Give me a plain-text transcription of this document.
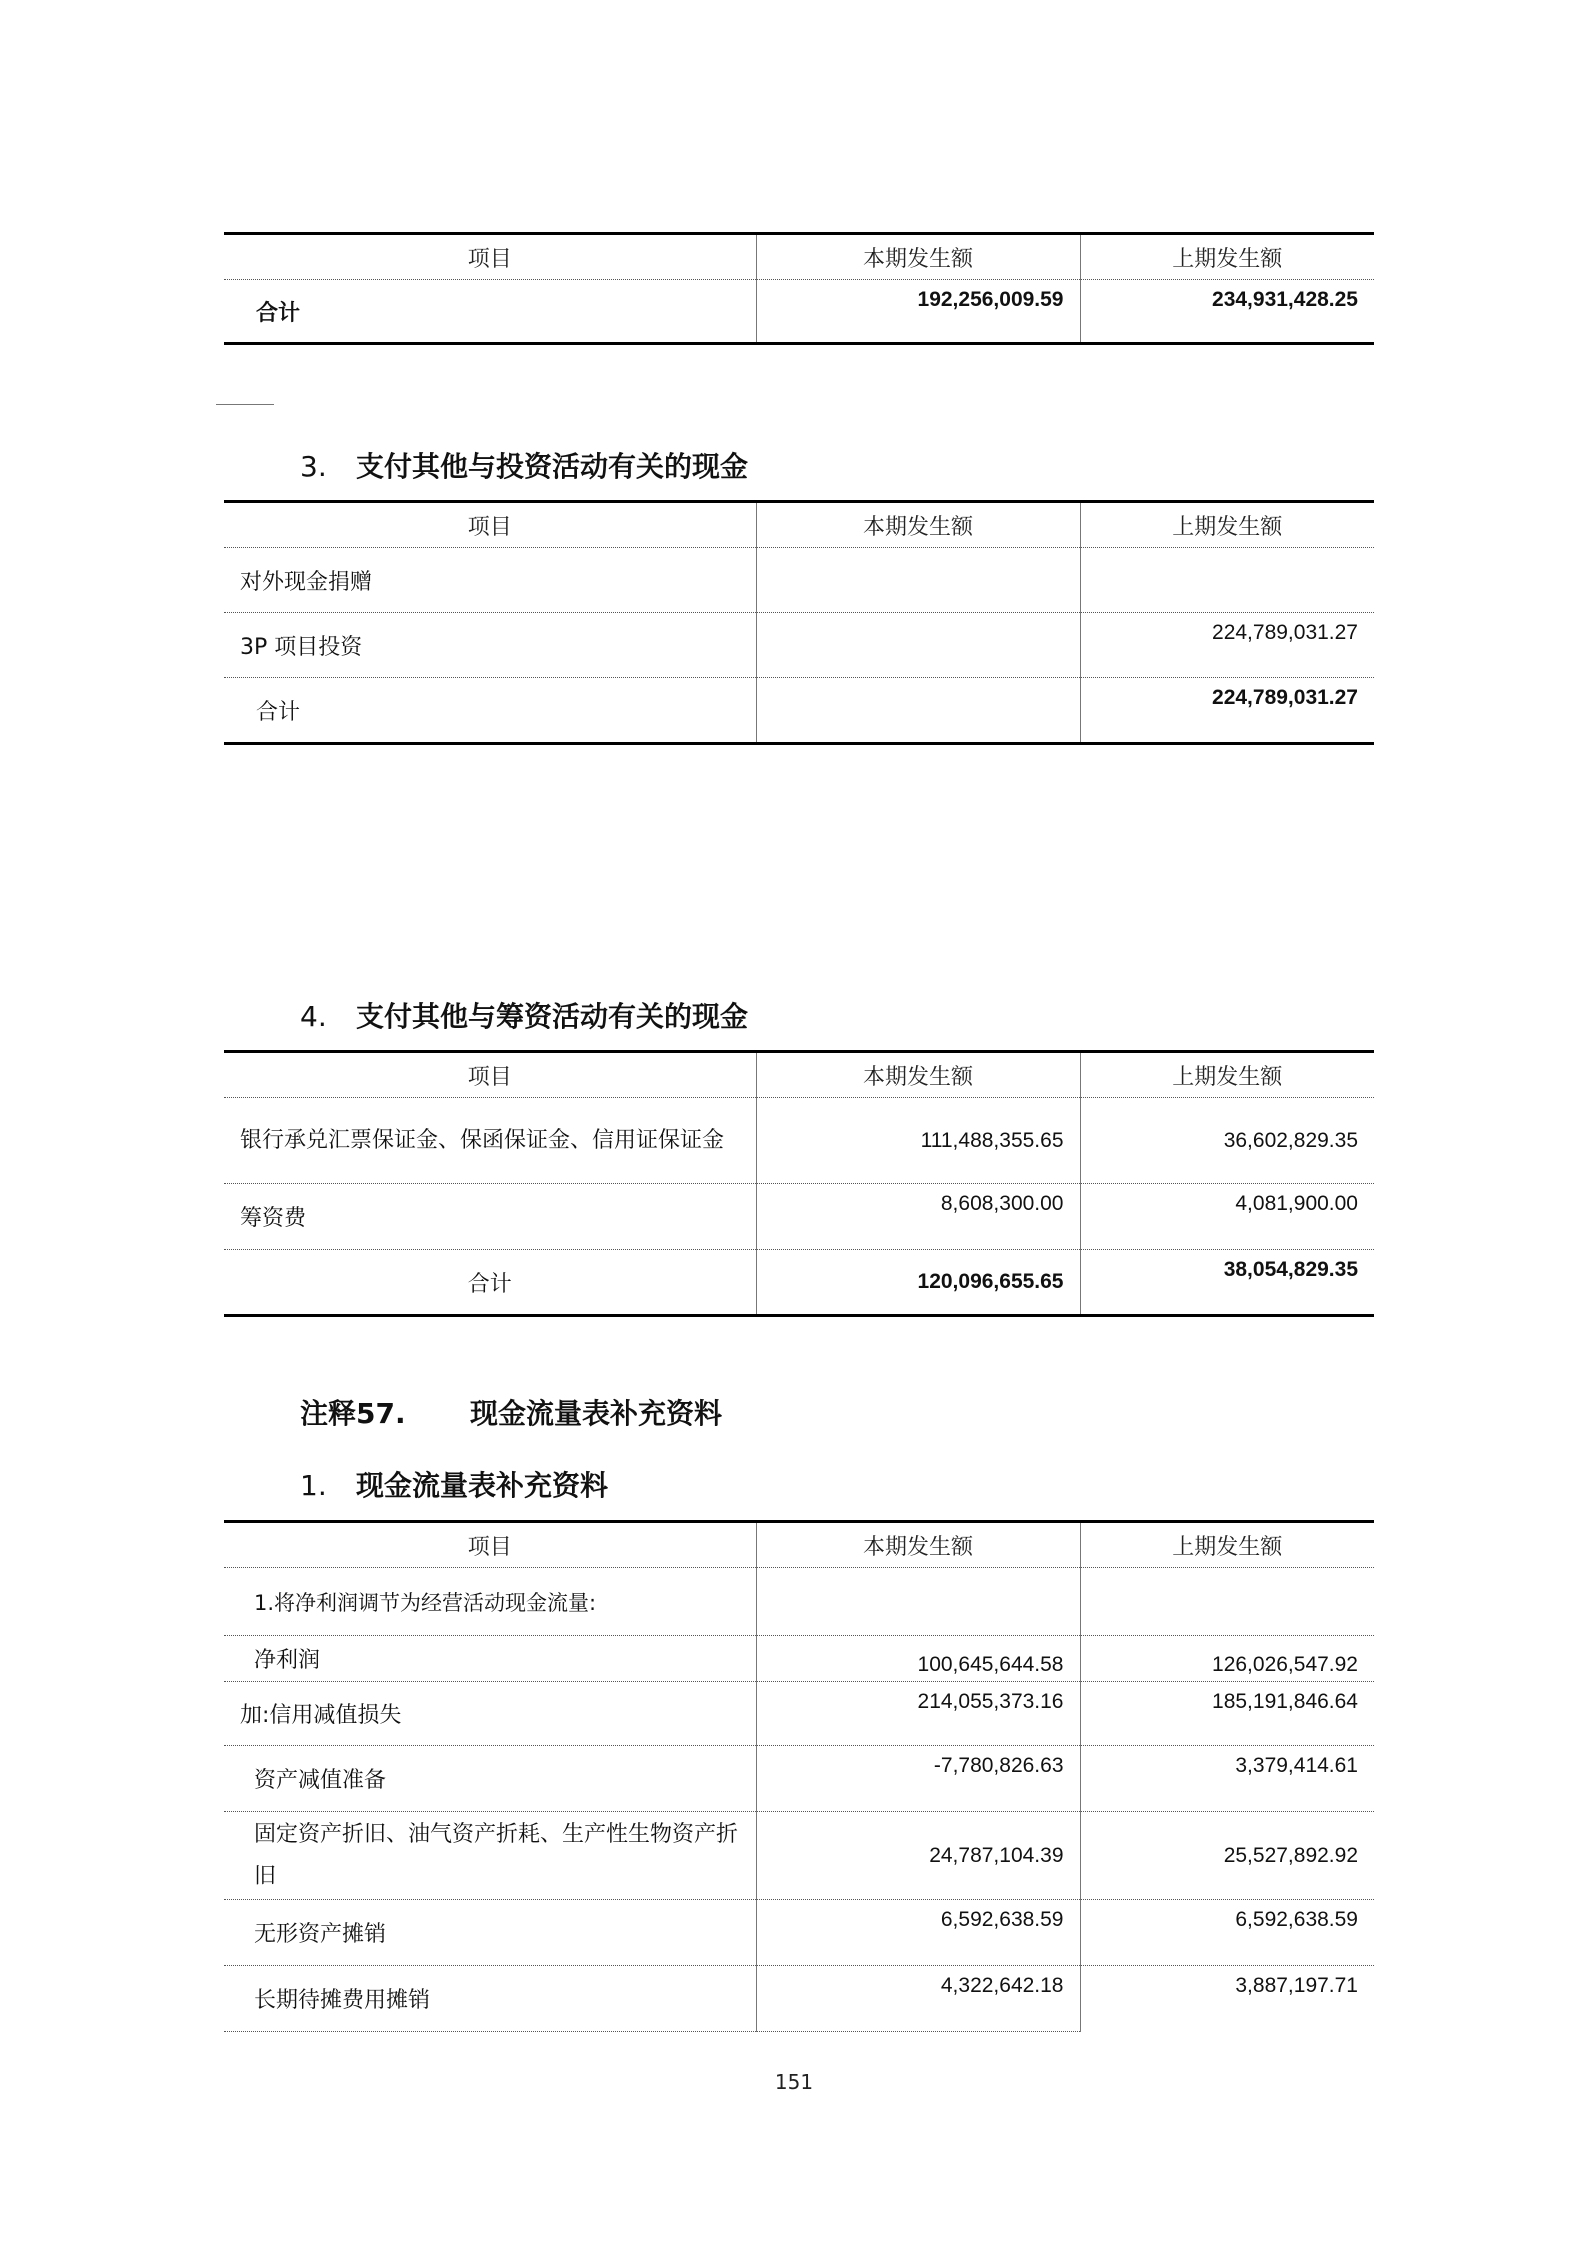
项目	本期发生额	上期发生额
合计	192,256,009.59	234,931,428.25
3. 支付其他与投资活动有关的现金
项目	本期发生额	上期发生额
对外现金捐赠		
3P 项目投资		224,789,031.27
合计		224,789,031.27
4. 支付其他与筹资活动有关的现金
项目	本期发生额	上期发生额
银行承兑汇票保证金、保函保证金、信用证保证金	111,488,355.65	36,602,829.35
筹资费	8,608,300.00	4,081,900.00
合计	120,096,655.65	38,054,829.35
注释57. 现金流量表补充资料
1. 现金流量表补充资料
项目	本期发生额	上期发生额
1.将净利润调节为经营活动现金流量:		
净利润	100,645,644.58	126,026,547.92
加:信用减值损失	214,055,373.16	185,191,846.64
资产减值准备	-7,780,826.63	3,379,414.61
固定资产折旧、油气资产折耗、生产性生物资产折旧	24,787,104.39	25,527,892.92
无形资产摊销	6,592,638.59	6,592,638.59
长期待摊费用摊销	4,322,642.18	3,887,197.71
151
